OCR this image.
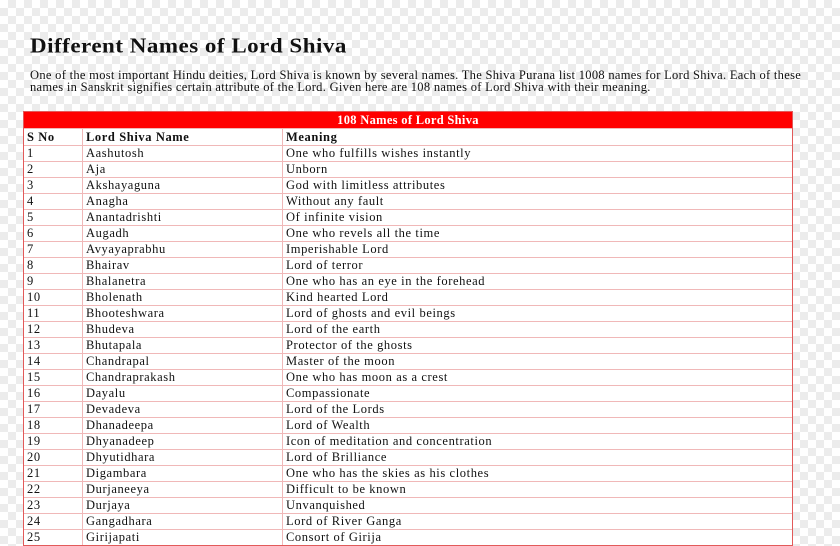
Different Names of Lord Shiva

One of the most important Hindu deities, Lord Shiva is known by several names. The Shiva Purana list 1008 names for Lord Shiva. Each of these names in Sanskrit signifies certain attribute of the Lord. Given here are 108 names of Lord Shiva with their meaning.

108 Names of Lord Shiva
S No	Lord Shiva Name	Meaning
1	Aashutosh	One who fulfills wishes instantly
2	Aja	Unborn
3	Akshayaguna	God with limitless attributes
4	Anagha	Without any fault
5	Anantadrishti	Of infinite vision
6	Augadh	One who revels all the time
7	Avyayaprabhu	Imperishable Lord
8	Bhairav	Lord of terror
9	Bhalanetra	One who has an eye in the forehead
10	Bholenath	Kind hearted Lord
11	Bhooteshwara	Lord of ghosts and evil beings
12	Bhudeva	Lord of the earth
13	Bhutapala	Protector of the ghosts
14	Chandrapal	Master of the moon
15	Chandraprakash	One who has moon as a crest
16	Dayalu	Compassionate
17	Devadeva	Lord of the Lords
18	Dhanadeepa	Lord of Wealth
19	Dhyanadeep	Icon of meditation and concentration
20	Dhyutidhara	Lord of Brilliance
21	Digambara	One who has the skies as his clothes
22	Durjaneeya	Difficult to be known
23	Durjaya	Unvanquished
24	Gangadhara	Lord of River Ganga
25	Girijapati	Consort of Girija
